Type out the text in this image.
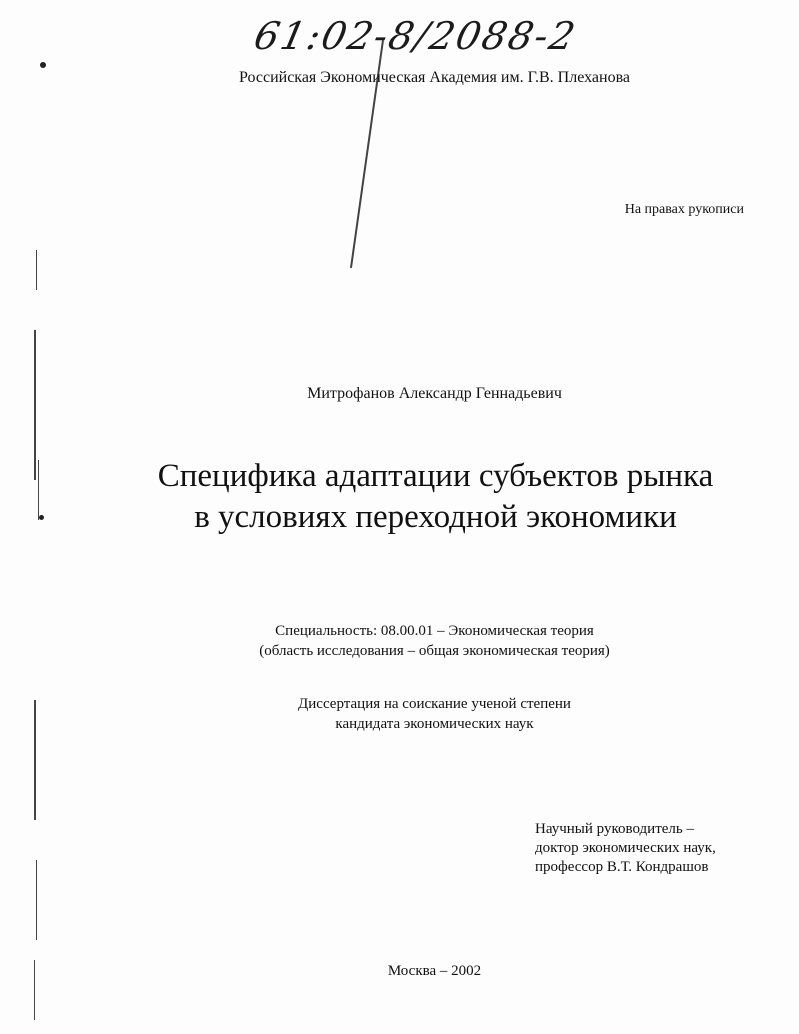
61:02-8/2088-2
Российская Экономическая Академия им. Г.В. Плеханова
На правах рукописи
Митрофанов Александр Геннадьевич
Специфика адаптации субъектов рынка
в условиях переходной экономики
Специальность: 08.00.01 – Экономическая теория
(область исследования – общая экономическая теория)
Диссертация на соискание ученой степени
кандидата экономических наук
Научный руководитель –
доктор экономических наук,
профессор В.Т. Кондрашов
Москва – 2002
